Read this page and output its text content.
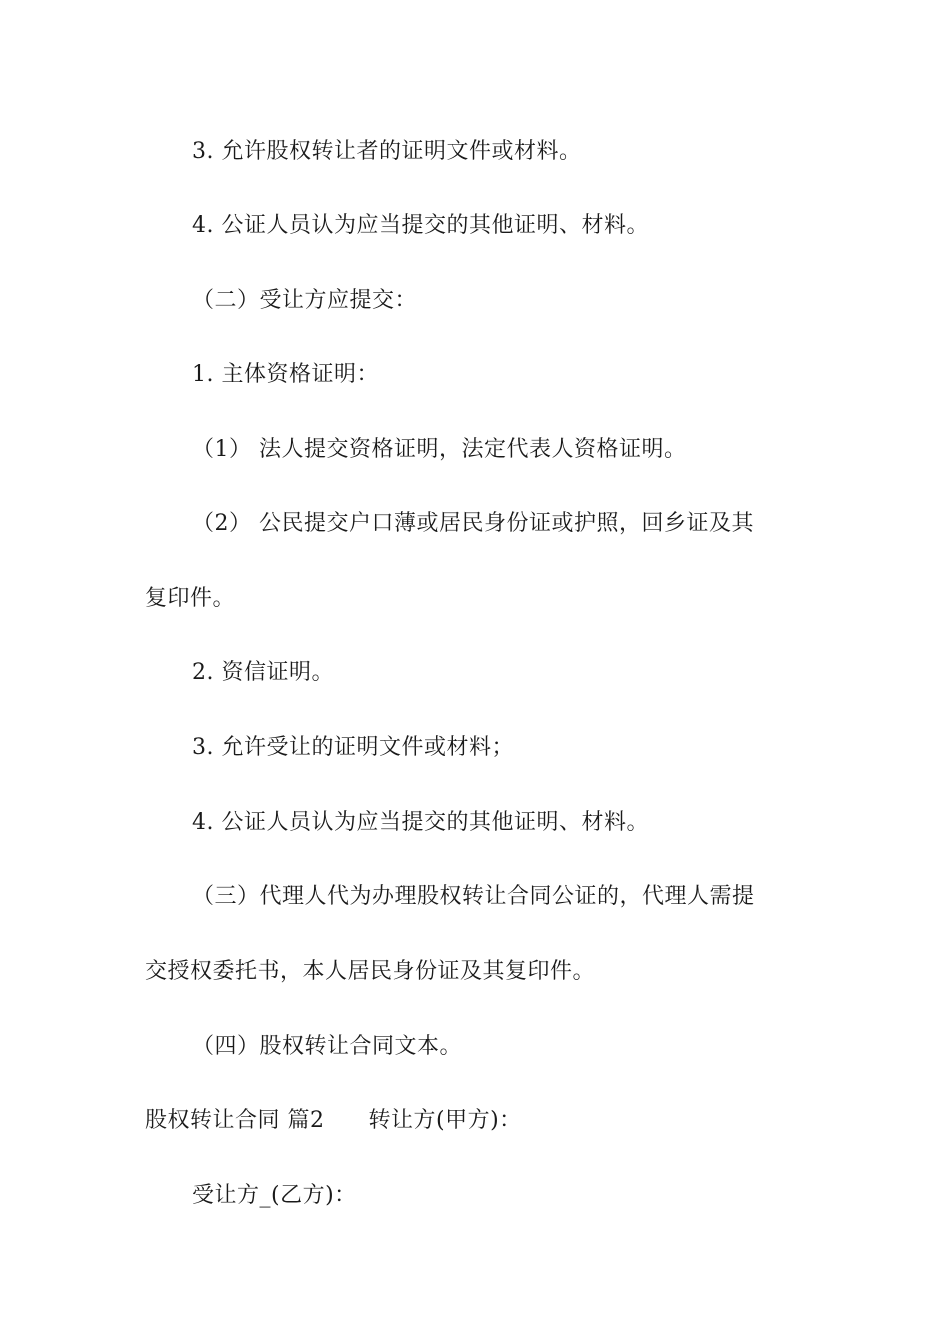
3. 允许股权转让者的证明文件或材料。
4. 公证人员认为应当提交的其他证明、材料。
（二）受让方应提交：
1. 主体资格证明：
（1） 法人提交资格证明，法定代表人资格证明。
（2） 公民提交户口薄或居民身份证或护照，回乡证及其
复印件。
2. 资信证明。
3. 允许受让的证明文件或材料；
4. 公证人员认为应当提交的其他证明、材料。
（三）代理人代为办理股权转让合同公证的，代理人需提
交授权委托书，本人居民身份证及其复印件。
（四）股权转让合同文本。
股权转让合同 篇2 转让方(甲方)：
受让方_(乙方)：
